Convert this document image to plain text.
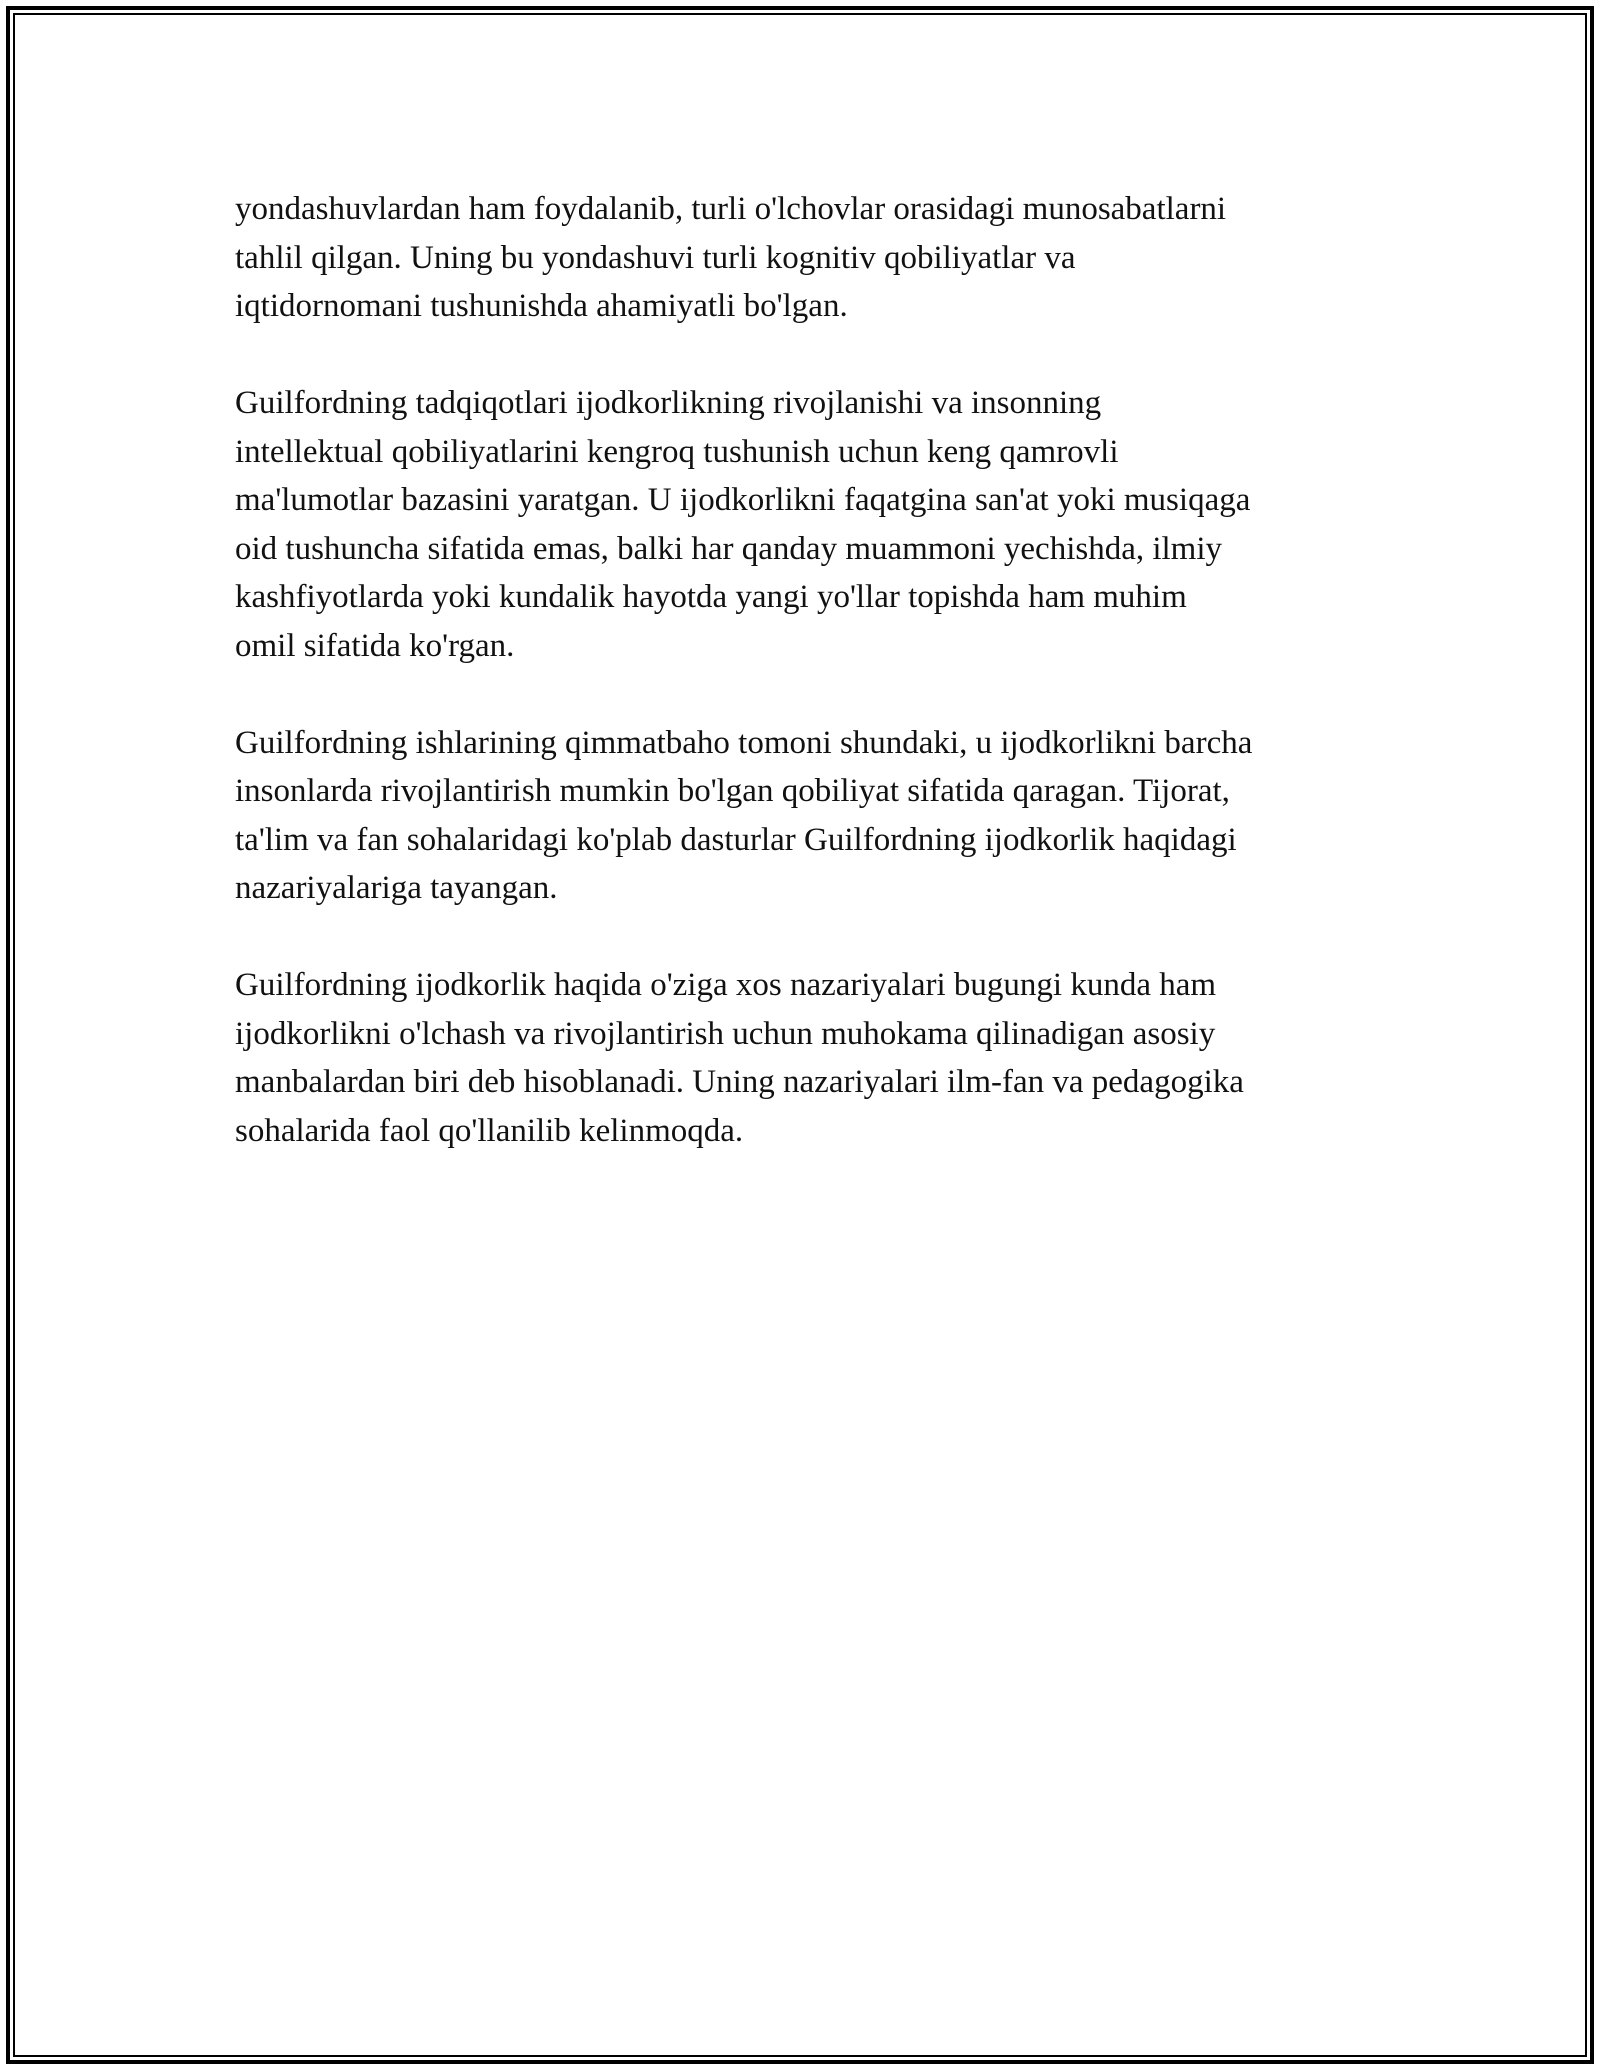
yondashuvlardan ham foydalanib, turli o'lchovlar orasidagi munosabatlarni
tahlil qilgan. Uning bu yondashuvi turli kognitiv qobiliyatlar va
iqtidornomani tushunishda ahamiyatli bo'lgan.

Guilfordning tadqiqotlari ijodkorlikning rivojlanishi va insonning
intellektual qobiliyatlarini kengroq tushunish uchun keng qamrovli
ma'lumotlar bazasini yaratgan. U ijodkorlikni faqatgina san'at yoki musiqaga
oid tushuncha sifatida emas, balki har qanday muammoni yechishda, ilmiy
kashfiyotlarda yoki kundalik hayotda yangi yo'llar topishda ham muhim
omil sifatida ko'rgan.

Guilfordning ishlarining qimmatbaho tomoni shundaki, u ijodkorlikni barcha
insonlarda rivojlantirish mumkin bo'lgan qobiliyat sifatida qaragan. Tijorat,
ta'lim va fan sohalaridagi ko'plab dasturlar Guilfordning ijodkorlik haqidagi
nazariyalariga tayangan.

Guilfordning ijodkorlik haqida o'ziga xos nazariyalari bugungi kunda ham
ijodkorlikni o'lchash va rivojlantirish uchun muhokama qilinadigan asosiy
manbalardan biri deb hisoblanadi. Uning nazariyalari ilm-fan va pedagogika
sohalarida faol qo'llanilib kelinmoqda.
